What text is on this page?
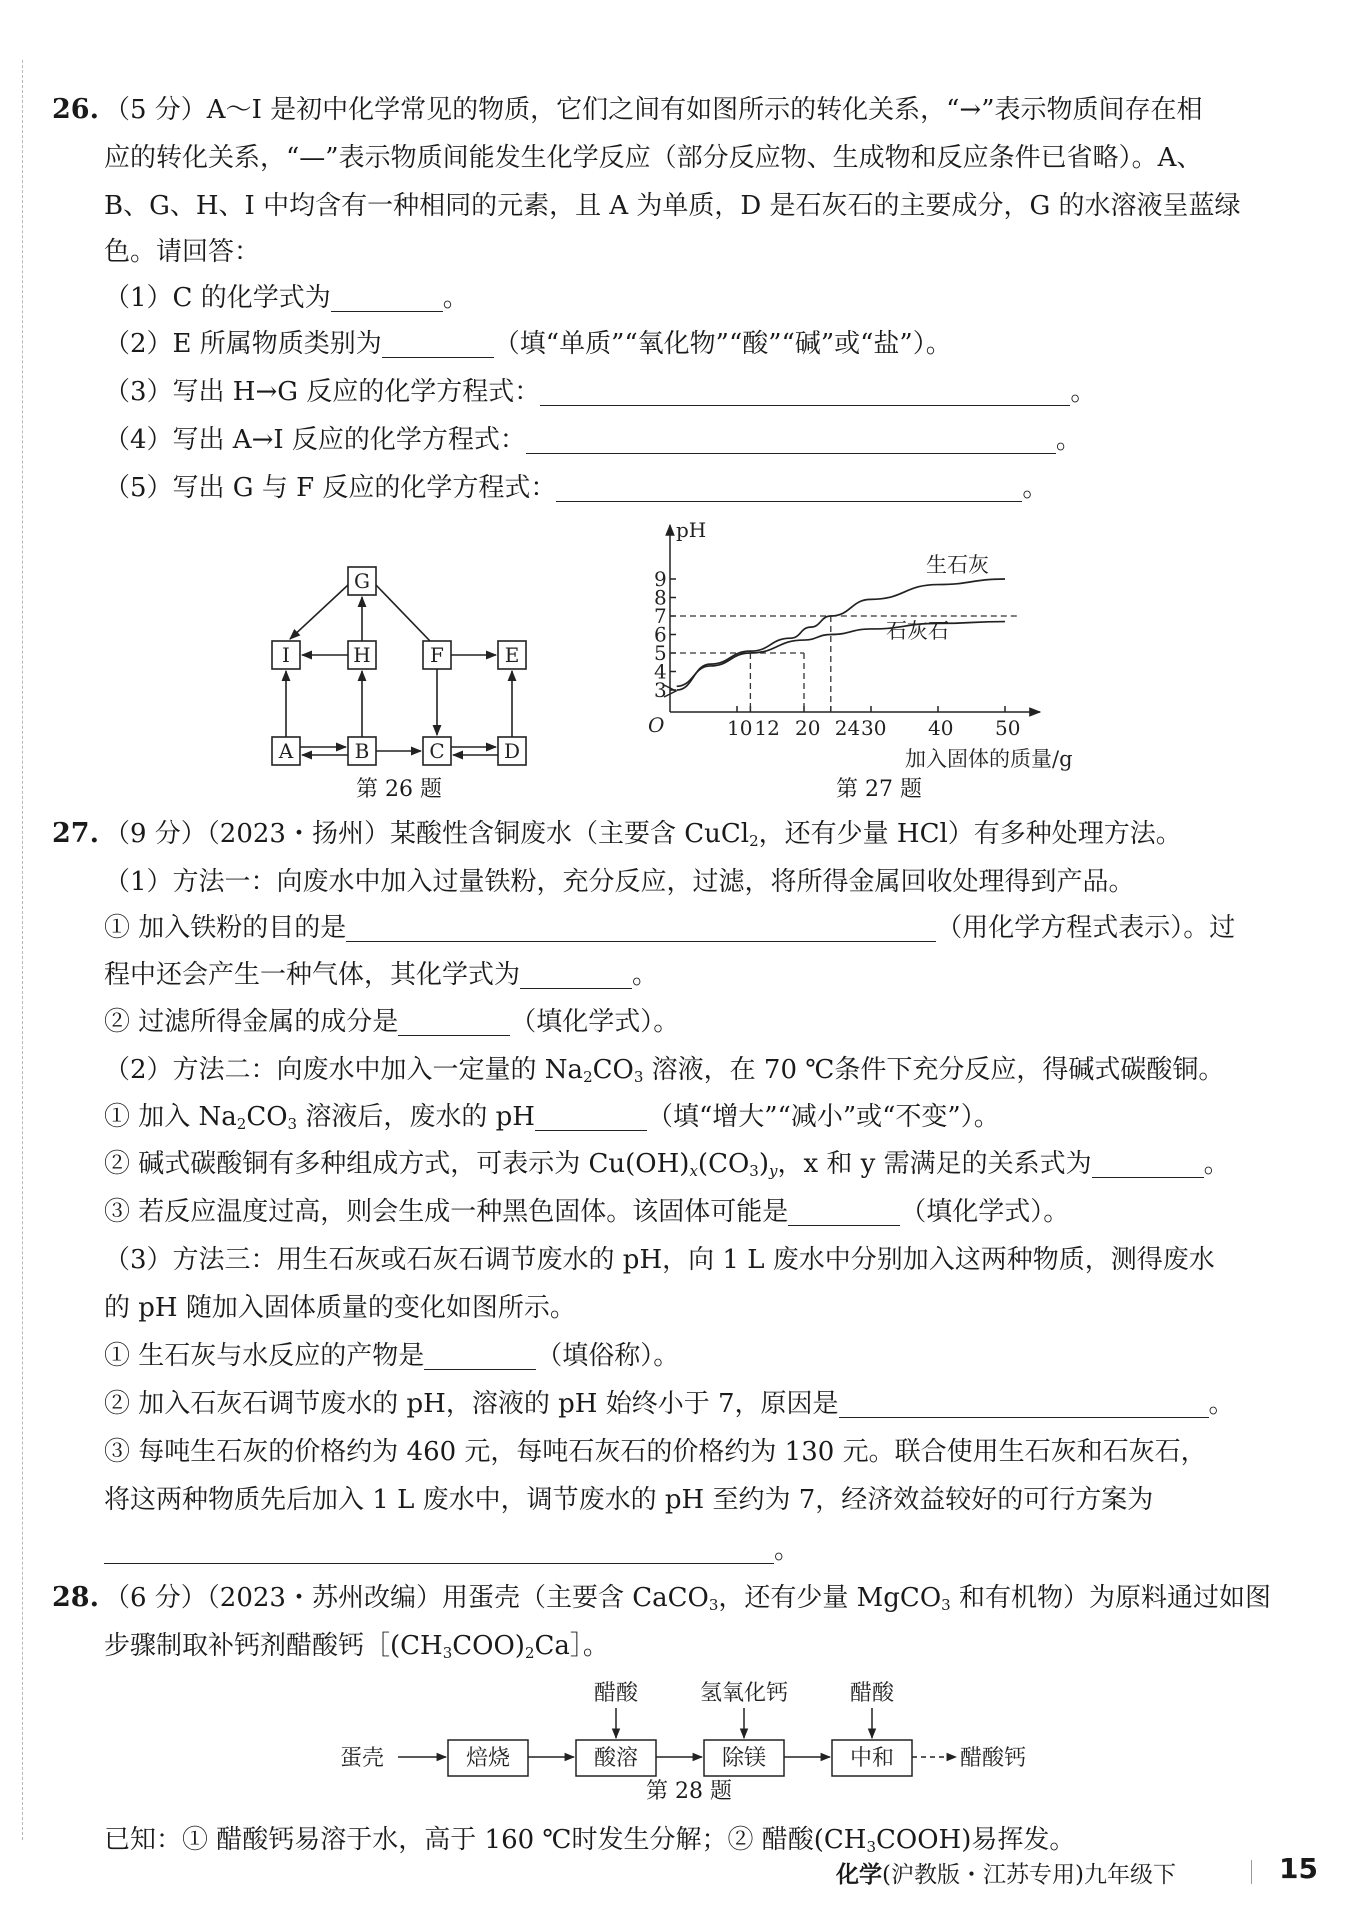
26. （5 分）A～I 是初中化学常见的物质，它们之间有如图所示的转化关系，“→”表示物质间存在相
应的转化关系，“—”表示物质间能发生化学反应（部分反应物、生成物和反应条件已省略）。A、
B、G、H、I 中均含有一种相同的元素，且 A 为单质，D 是石灰石的主要成分，G 的水溶液呈蓝绿
色。请回答：
（1）C 的化学式为	。
（2）E 所属物质类别为	（填“单质”“氧化物”“酸”“碱”或“盐”）。
（3）写出 H→G 反应的化学方程式：	。
（4）写出 A→I 反应的化学方程式：	。
（5）写出 G 与 F 反应的化学方程式：	。
G
I	H	F	E
A	B	C	D
第 26 题
3
4
5
6
7
8
9
10 12 20 24 30 40 50
pH
O
加入固体的质量/g
生石灰
石灰石
第 27 题
27. （9 分）（2023・扬州）某酸性含铜废水（主要含 CuCl$_2$，还有少量 HCl）有多种处理方法。
（1）方法一：向废水中加入过量铁粉，充分反应，过滤，将所得金属回收处理得到产品。
① 加入铁粉的目的是	（用化学方程式表示）。过
程中还会产生一种气体，其化学式为	。
② 过滤所得金属的成分是	（填化学式）。
（2）方法二：向废水中加入一定量的 $Na_2CO_3$ 溶液，在 70 ℃条件下充分反应，得碱式碳酸铜。
① 加入 $Na_2CO_3$ 溶液后，废水的 pH	（填“增大”“减小”或“不变”）。
② 碱式碳酸铜有多种组成方式，可表示为 $Cu(OH)_x(CO_3)_y$，x 和 y 需满足的关系式为	。
③ 若反应温度过高，则会生成一种黑色固体。该固体可能是	（填化学式）。
（3）方法三：用生石灰或石灰石调节废水的 pH，向 1 L 废水中分别加入这两种物质，测得废水
的 pH 随加入固体质量的变化如图所示。
① 生石灰与水反应的产物是	（填俗称）。
② 加入石灰石调节废水的 pH，溶液的 pH 始终小于 7，原因是	。
③ 每吨生石灰的价格约为 460 元，每吨石灰石的价格约为 130 元。联合使用生石灰和石灰石，
将这两种物质先后加入 1 L 废水中，调节废水的 pH 至约为 7，经济效益较好的可行方案为
。
28. （6 分）（2023・苏州改编）用蛋壳（主要含 CaCO$_3$，还有少量 MgCO$_3$ 和有机物）为原料通过如图
步骤制取补钙剂醋酸钙$[(CH_3COO)_2Ca]$。
蛋壳	焙烧	酸溶	除镁	中和	醋酸钙
醋酸	氢氧化钙	醋酸
第 28 题
已知：① 醋酸钙易溶于水，高于 160 ℃时发生分解；② 醋酸$(CH_3COOH)$易挥发。
化学(沪教版・江苏专用)九年级下	15
